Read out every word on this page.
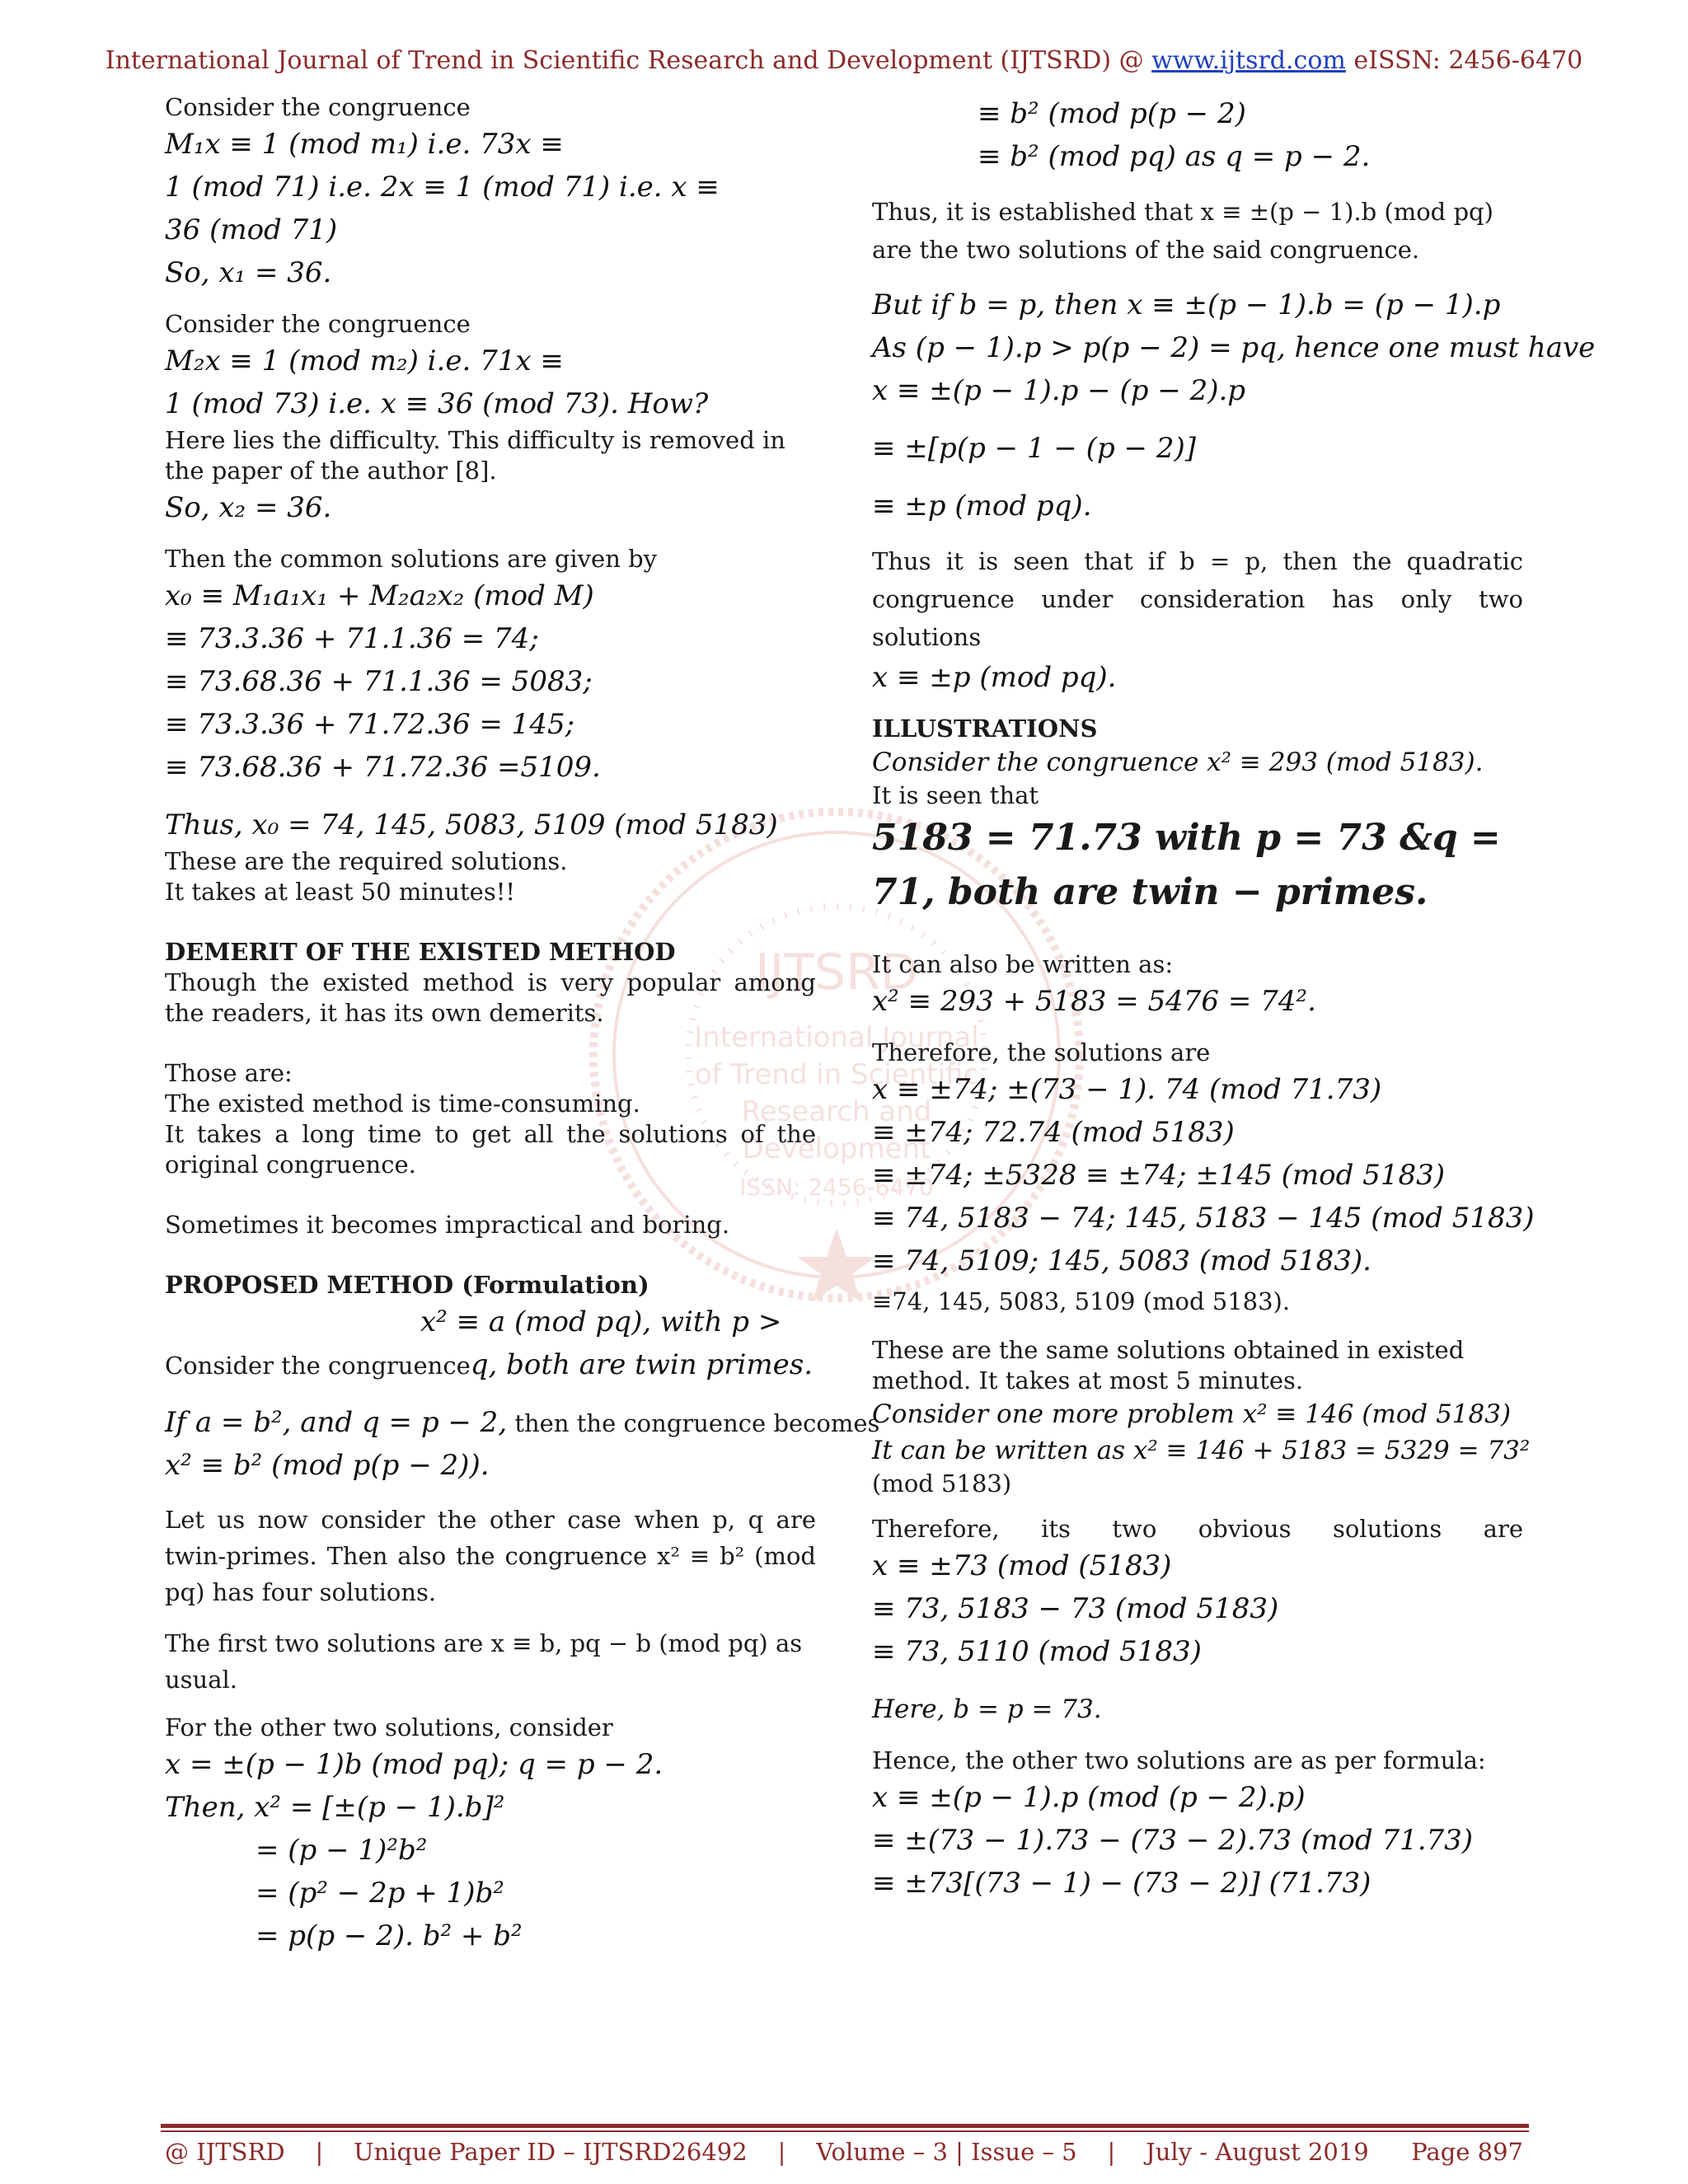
International Journal of Trend in Scientific Research and Development (IJTSRD) @ www.ijtsrd.com eISSN: 2456-6470
IJTSRD
International Journal
of Trend in Scientific
Research and
Development
ISSN: 2456-6470

Consider the congruence

M₁x ≡ 1 (mod m₁) i.e. 73x ≡

1 (mod 71) i.e. 2x ≡ 1 (mod 71) i.e. x ≡

36 (mod 71)

So, x₁ = 36.

Consider the congruence

M₂x ≡ 1 (mod m₂) i.e. 71x ≡

1 (mod 73) i.e. x ≡ 36 (mod 73). How?

Here lies the difficulty. This difficulty is removed in the paper of the author [8].

So, x₂ = 36.

Then the common solutions are given by

x₀ ≡ M₁a₁x₁ + M₂a₂x₂ (mod M)

≡ 73.3.36 + 71.1.36 = 74;

≡ 73.68.36 + 71.1.36 = 5083;

≡ 73.3.36 + 71.72.36 = 145;

≡ 73.68.36 + 71.72.36 =5109.

Thus, x₀ = 74, 145, 5083, 5109 (mod 5183)

These are the required solutions.

It takes at least 50 minutes!!

DEMERIT OF THE EXISTED METHOD

Though the existed method is very popular among the readers, it has its own demerits.

Those are:

The existed method is time-consuming.

It takes a long time to get all the solutions of the original congruence.

Sometimes it becomes impractical and boring.

PROPOSED METHOD (Formulation)

x² ≡ a (mod pq), with p >

Consider the congruenceq, both are twin primes.

If a = b², and q = p − 2, then the congruence becomes

x² ≡ b² (mod p(p − 2)).

Let us now consider the other case when p, q are twin-primes. Then also the congruence x² ≡ b² (mod pq) has four solutions.

The first two solutions are x ≡ b, pq − b (mod pq) as usual.

For the other two solutions, consider

x = ±(p − 1)b (mod pq); q = p − 2.

Then, x² = [±(p − 1).b]²

= (p − 1)²b²

= (p² − 2p + 1)b²

= p(p − 2). b² + b²

≡ b² (mod p(p − 2)

≡ b² (mod pq) as q = p − 2.

Thus, it is established that x ≡ ±(p − 1).b (mod pq) are the two solutions of the said congruence.

But if b = p, then x ≡ ±(p − 1).b = (p − 1).p

As (p − 1).p > p(p − 2) = pq, hence one must have

x ≡ ±(p − 1).p − (p − 2).p

≡ ±[p(p − 1 − (p − 2)]

≡ ±p (mod pq).

Thus it is seen that if b = p, then the quadratic congruence under consideration has only two solutions

x ≡ ±p (mod pq).

ILLUSTRATIONS

Consider the congruence x² ≡ 293 (mod 5183).

It is seen that

5183 = 71.73 with p = 73 &q =

71, both are twin − primes.

It can also be written as:

x² ≡ 293 + 5183 = 5476 = 74².

Therefore, the solutions are

x ≡ ±74; ±(73 − 1). 74 (mod 71.73)

≡ ±74; 72.74 (mod 5183)

≡ ±74; ±5328 ≡ ±74; ±145 (mod 5183)

≡ 74, 5183 − 74; 145, 5183 − 145 (mod 5183)

≡ 74, 5109; 145, 5083 (mod 5183).

≡74, 145, 5083, 5109 (mod 5183).

These are the same solutions obtained in existed method. It takes at most 5 minutes.

Consider one more problem x² ≡ 146 (mod 5183)

It can be written as x² ≡ 146 + 5183 = 5329 = 73²

(mod 5183)

Therefore, its two obvious solutions are

x ≡ ±73 (mod (5183)

≡ 73, 5183 − 73 (mod 5183)

≡ 73, 5110 (mod 5183)

Here, b = p = 73.

Hence, the other two solutions are as per formula:

x ≡ ±(p − 1).p (mod (p − 2).p)

≡ ±(73 − 1).73 − (73 − 2).73 (mod 71.73)

≡ ±73[(73 − 1) − (73 − 2)] (71.73)

@ IJTSRD    |    Unique Paper ID – IJTSRD26492    |    Volume – 3 | Issue – 5    |    July - August 2019 Page 897
